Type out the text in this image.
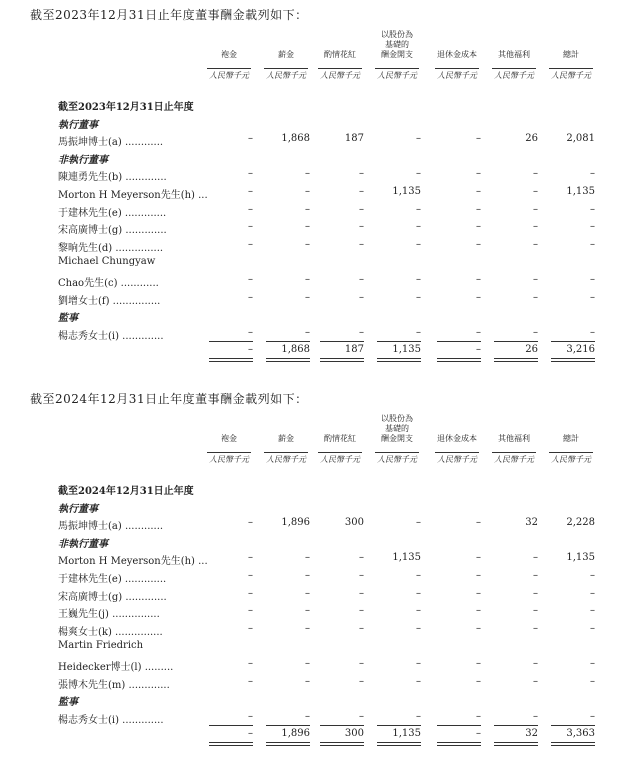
截至2023年12月31日止年度董事酬金載列如下：
袍金
人民幣千元
薪金
人民幣千元
酌情花紅
人民幣千元
以股份為
基礎的
酬金開支
人民幣千元
退休金成本
人民幣千元
其他福利
人民幣千元
總計
人民幣千元
截至2023年12月31日止年度
執行董事
馬振坤博士(a) ............	–	1,868	187	–	–	26	2,081
非執行董事
陳連勇先生(b) .............	–	–	–	–	–	–	–
Morton H Meyerson先生(h) ...	–	–	–	1,135	–	–	1,135
于建林先生(e) .............	–	–	–	–	–	–	–
宋高廣博士(g) .............	–	–	–	–	–	–	–
黎晌先生(d) ...............	–	–	–	–	–	–	–
Michael Chungyaw
Chao先生(c) ............	–	–	–	–	–	–	–
劉增女士(f) ...............	–	–	–	–	–	–	–
監事
楊志秀女士(i) .............	–	–	–	–	–	–	–
–	1,868	187	1,135	–	26	3,216
截至2024年12月31日止年度董事酬金載列如下：
袍金
人民幣千元
薪金
人民幣千元
酌情花紅
人民幣千元
以股份為
基礎的
酬金開支
人民幣千元
退休金成本
人民幣千元
其他福利
人民幣千元
總計
人民幣千元
截至2024年12月31日止年度
執行董事
馬振坤博士(a) ............	–	1,896	300	–	–	32	2,228
非執行董事
Morton H Meyerson先生(h) ...	–	–	–	1,135	–	–	1,135
于建林先生(e) .............	–	–	–	–	–	–	–
宋高廣博士(g) .............	–	–	–	–	–	–	–
王巍先生(j) ...............	–	–	–	–	–	–	–
楊爽女士(k) ...............	–	–	–	–	–	–	–
Martin Friedrich
Heidecker博士(l) .........	–	–	–	–	–	–	–
張博木先生(m) .............	–	–	–	–	–	–	–
監事
楊志秀女士(i) .............	–	–	–	–	–	–	–
–	1,896	300	1,135	–	32	3,363
